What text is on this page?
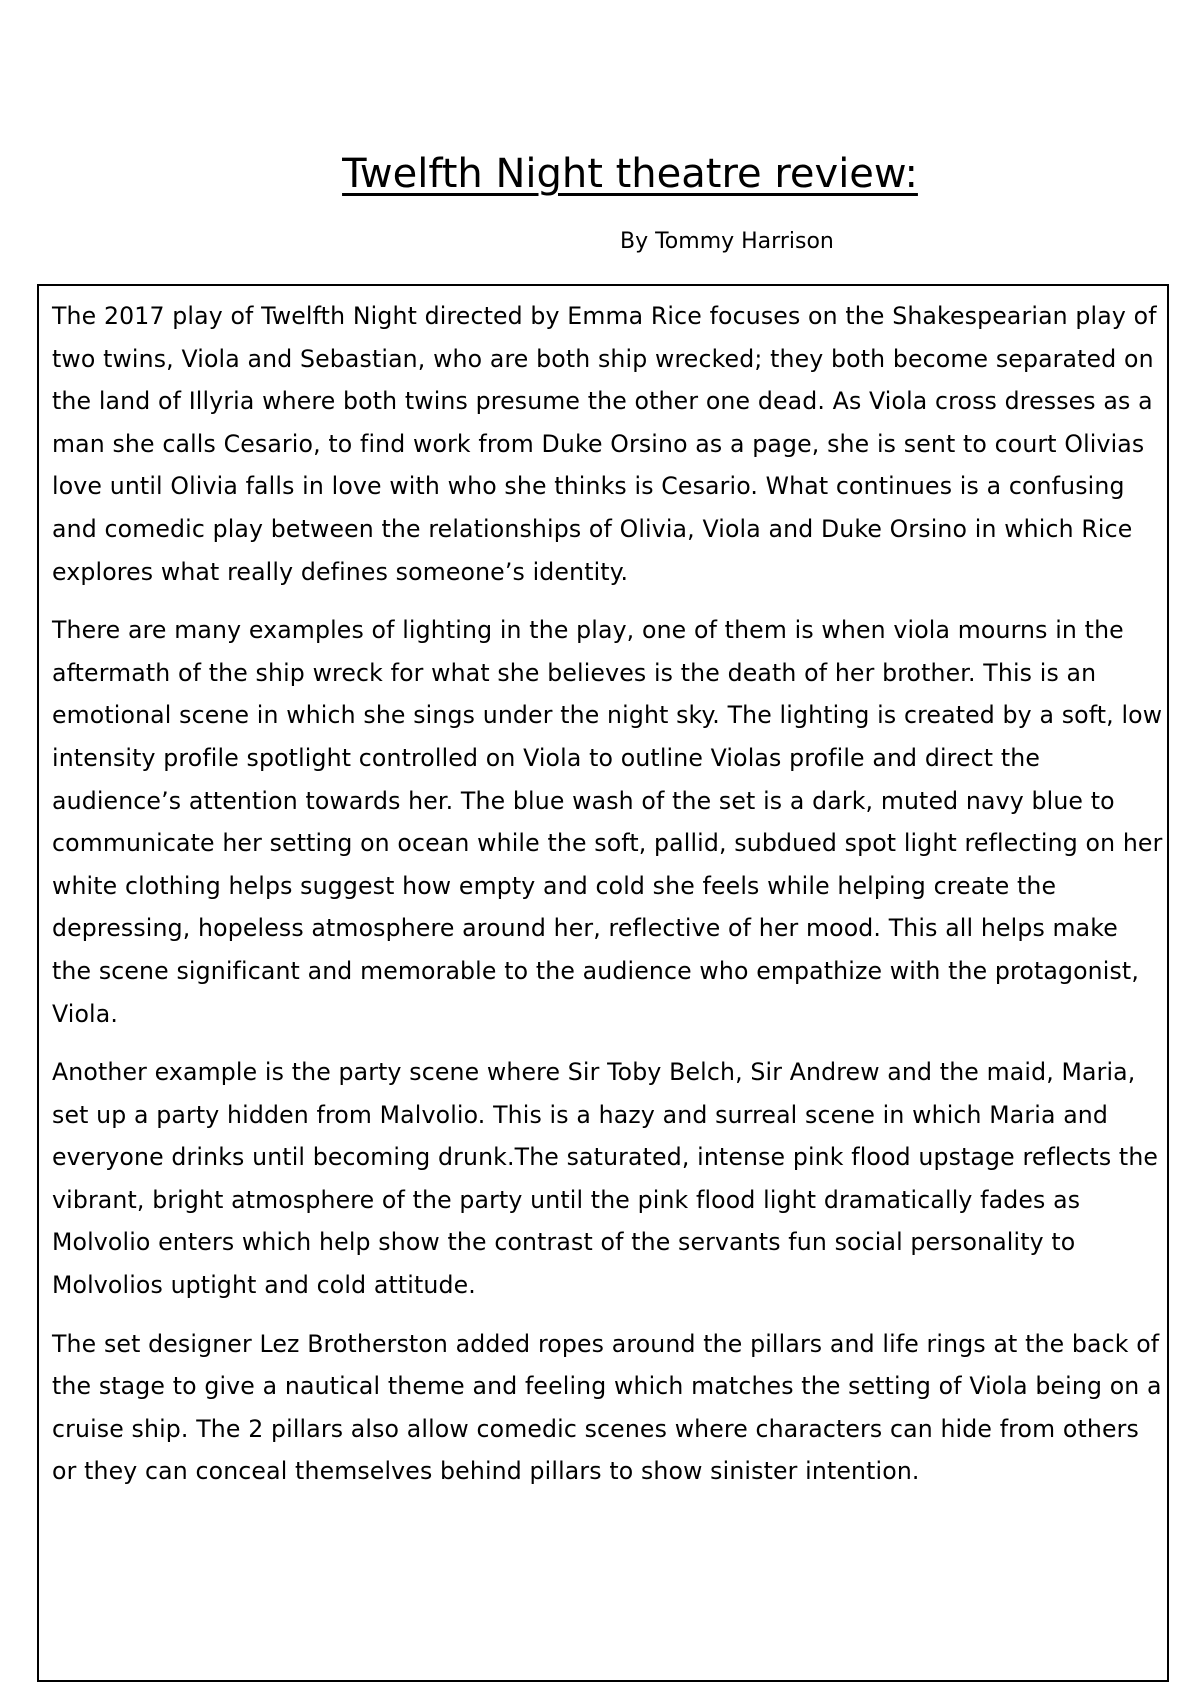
Twelfth Night theatre review:

By Tommy Harrison

The 2017 play of Twelfth Night directed by Emma Rice focuses on the Shakespearian play of two twins, Viola and Sebastian, who are both ship wrecked; they both become separated on the land of Illyria where both twins presume the other one dead. As Viola cross dresses as a man she calls Cesario, to find work from Duke Orsino as a page, she is sent to court Olivias love until Olivia falls in love with who she thinks is Cesario. What continues is a confusing and comedic play between the relationships of Olivia, Viola and Duke Orsino in which Rice explores what really defines someone’s identity.

There are many examples of lighting in the play, one of them is when viola mourns in the aftermath of the ship wreck for what she believes is the death of her brother. This is an emotional scene in which she sings under the night sky. The lighting is created by a soft, low intensity profile spotlight controlled on Viola to outline Violas profile and direct the audience’s attention towards her. The blue wash of the set is a dark, muted navy blue to communicate her setting on ocean while the soft, pallid, subdued spot light reflecting on her white clothing helps suggest how empty and cold she feels while helping create the depressing, hopeless atmosphere around her, reflective of her mood. This all helps make the scene significant and memorable to the audience who empathize with the protagonist, Viola.

Another example is the party scene where Sir Toby Belch, Sir Andrew and the maid, Maria, set up a party hidden from Malvolio. This is a hazy and surreal scene in which Maria and everyone drinks until becoming drunk.The saturated, intense pink flood upstage reflects the vibrant, bright atmosphere of the party until the pink flood light dramatically fades as Molvolio enters which help show the contrast of the servants fun social personality to Molvolios uptight and cold attitude.

The set designer Lez Brotherston added ropes around the pillars and life rings at the back of the stage to give a nautical theme and feeling which matches the setting of Viola being on a cruise ship. The 2 pillars also allow comedic scenes where characters can hide from others or they can conceal themselves behind pillars to show sinister intention.
